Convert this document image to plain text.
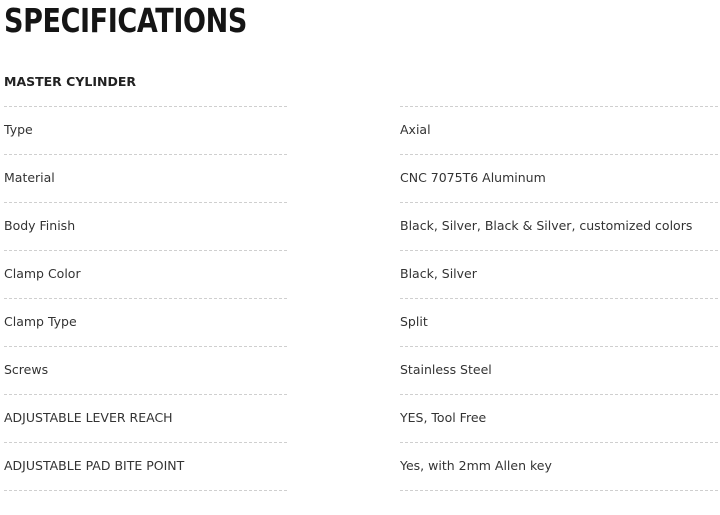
SPECIFICATIONS
MASTER CYLINDER
Type	Axial
Material	CNC 7075T6 Aluminum
Body Finish	Black, Silver, Black & Silver, customized colors
Clamp Color	Black, Silver
Clamp Type	Split
Screws	Stainless Steel
ADJUSTABLE LEVER REACH	YES, Tool Free
ADJUSTABLE PAD BITE POINT	Yes, with 2mm Allen key
